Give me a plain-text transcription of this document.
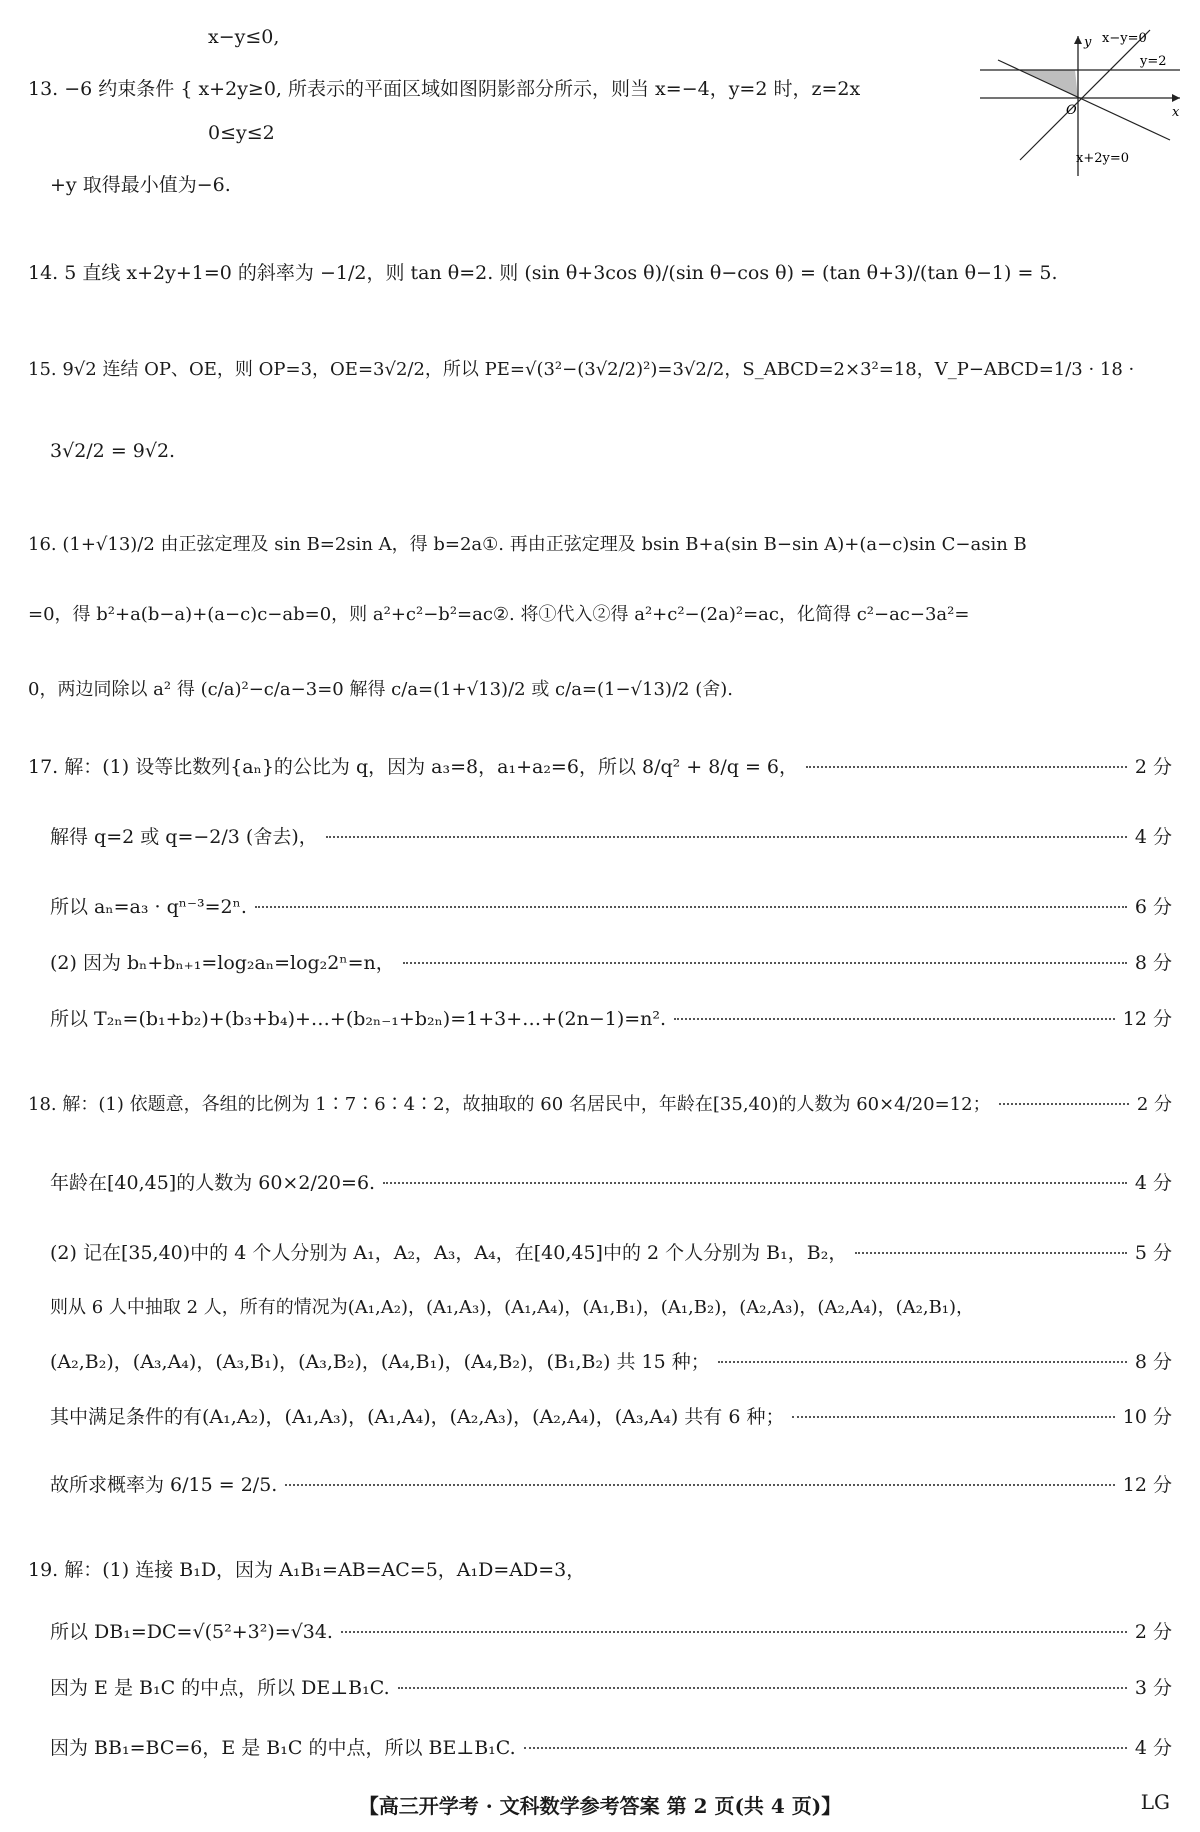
x−y≤0,
13. −6 约束条件 { x+2y≥0, 所表示的平面区域如图阴影部分所示，则当 x=−4，y=2 时，z=2x
0≤y≤2
+y 取得最小值为−6.
y
x
O
x−y=0
y=2
x+2y=0
14. 5 直线 x+2y+1=0 的斜率为 −1/2，则 tan θ=2. 则 (sin θ+3cos θ)/(sin θ−cos θ) = (tan θ+3)/(tan θ−1) = 5.
15. 9√2 连结 OP、OE，则 OP=3，OE=3√2/2，所以 PE=√(3²−(3√2/2)²)=3√2/2，S_ABCD=2×3²=18，V_P−ABCD=1/3 · 18 ·
3√2/2 = 9√2.
16. (1+√13)/2 由正弦定理及 sin B=2sin A，得 b=2a①. 再由正弦定理及 bsin B+a(sin B−sin A)+(a−c)sin C−asin B
=0，得 b²+a(b−a)+(a−c)c−ab=0，则 a²+c²−b²=ac②. 将①代入②得 a²+c²−(2a)²=ac，化简得 c²−ac−3a²=
0，两边同除以 a² 得 (c/a)²−c/a−3=0 解得 c/a=(1+√13)/2 或 c/a=(1−√13)/2 (舍).
17. 解：(1) 设等比数列{aₙ}的公比为 q，因为 a₃=8，a₁+a₂=6，所以 8/q² + 8/q = 6，	2 分
解得 q=2 或 q=−2/3 (舍去)，	4 分
所以 aₙ=a₃ · qⁿ⁻³=2ⁿ.	6 分
(2) 因为 bₙ+bₙ₊₁=log₂aₙ=log₂2ⁿ=n，	8 分
所以 T₂ₙ=(b₁+b₂)+(b₃+b₄)+…+(b₂ₙ₋₁+b₂ₙ)=1+3+…+(2n−1)=n².	12 分
18. 解：(1) 依题意，各组的比例为 1∶7∶6∶4∶2，故抽取的 60 名居民中，年龄在[35,40)的人数为 60×4/20=12；	2 分
年龄在[40,45]的人数为 60×2/20=6.	4 分
(2) 记在[35,40)中的 4 个人分别为 A₁，A₂，A₃，A₄，在[40,45]中的 2 个人分别为 B₁，B₂，	5 分
则从 6 人中抽取 2 人，所有的情况为(A₁,A₂)，(A₁,A₃)，(A₁,A₄)，(A₁,B₁)，(A₁,B₂)，(A₂,A₃)，(A₂,A₄)，(A₂,B₁)，
(A₂,B₂)，(A₃,A₄)，(A₃,B₁)，(A₃,B₂)，(A₄,B₁)，(A₄,B₂)，(B₁,B₂) 共 15 种；	8 分
其中满足条件的有(A₁,A₂)，(A₁,A₃)，(A₁,A₄)，(A₂,A₃)，(A₂,A₄)，(A₃,A₄) 共有 6 种；	10 分
故所求概率为 6/15 = 2/5.	12 分
19. 解：(1) 连接 B₁D，因为 A₁B₁=AB=AC=5，A₁D=AD=3，
所以 DB₁=DC=√(5²+3²)=√34.	2 分
因为 E 是 B₁C 的中点，所以 DE⊥B₁C.	3 分
因为 BB₁=BC=6，E 是 B₁C 的中点，所以 BE⊥B₁C.	4 分
【高三开学考 · 文科数学参考答案 第 2 页(共 4 页)】	LG
